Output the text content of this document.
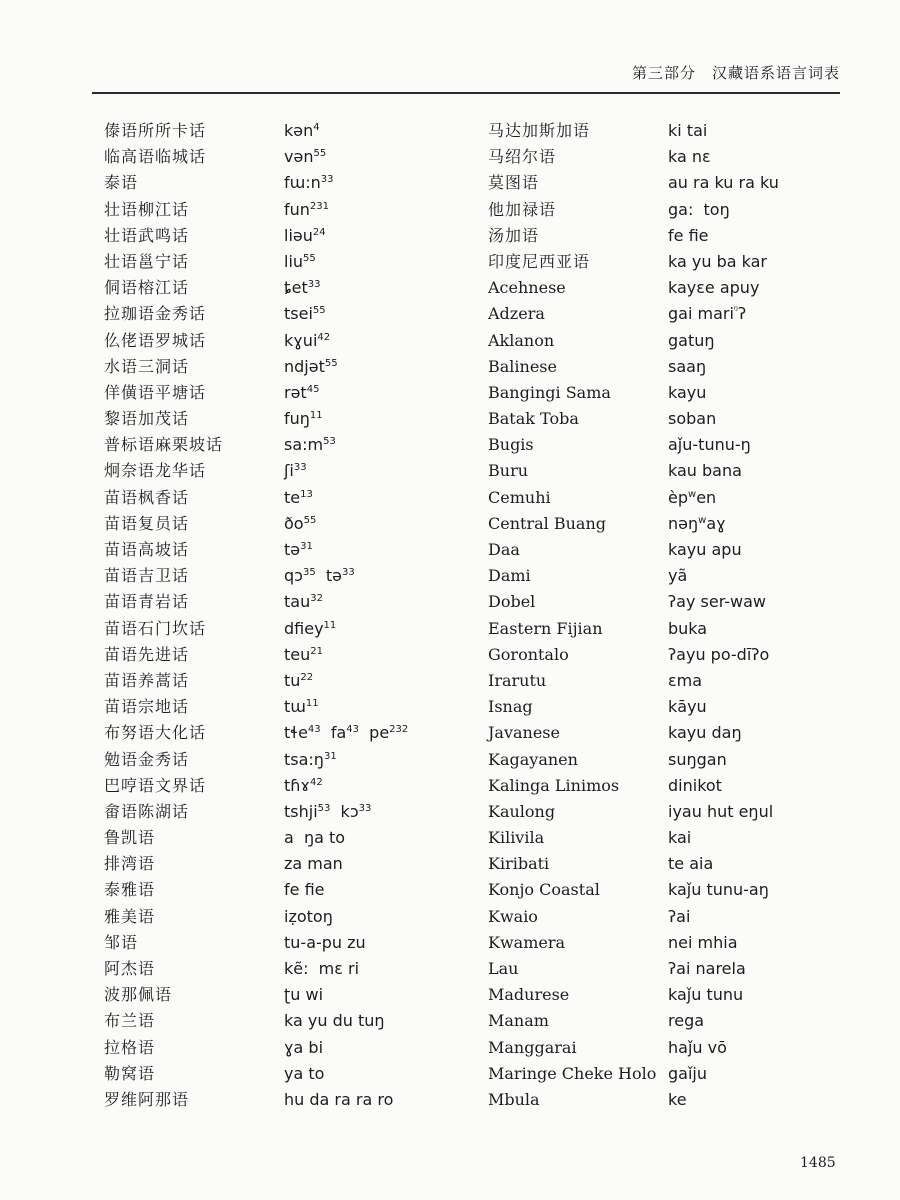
第三部分　汉藏语系语言词表
傣语所所卡话
临高语临城话
泰语
壮语柳江话
壮语武鸣话
壮语邕宁话
侗语榕江话
拉珈语金秀话
仫佬语罗城话
水语三洞话
佯僙语平塘话
黎语加茂话
普标语麻栗坡话
炯奈语龙华话
苗语枫香话
苗语复员话
苗语高坡话
苗语吉卫话
苗语青岩话
苗语石门坎话
苗语先进话
苗语养蒿话
苗语宗地话
布努语大化话
勉语金秀话
巴哼语文界话
畲语陈湖话
鲁凯语
排湾语
泰雅语
雅美语
邹语
阿杰语
波那佩语
布兰语
拉格语
勒窝语
罗维阿那语
kən$^4$
vən$^{55}$
$fɯ:n^{33}$
fun$^{231}$
liəu$^{24}$
liu$^{55}$
ȶet$^{33}$
tsei$^{55}$
kɣui$^{42}$
ndjət$^{55}$
rət$^{45}$
fuŋ$^{11}$
$sa:m^{53}$
ʃi$^{33}$
$te^{13}$
$ðo^{55}$
tə$^{31}$
qɔ$^{35}$  tə$^{33}$
tau$^{32}$
dfiey$^{11}$
teu$^{21}$
$tu^{22}$
tɯ$^{11}$
tɬe$^{43}$  $fa^{43}$  $pe^{232}$
$tsa:ŋ^{31}$
tɦɤ$^{42}$
tshji$^{53}$  kɔ$^{33}$
a  ŋa to
za man
fe fie
iẓotoŋ
tu-a-pu zu
kẽ:  mɛ ri
ʈu wi
ka yu du tuŋ
ɣa bi
ya to
hu da ra ra ro
马达加斯加语
马绍尔语
莫图语
他加禄语
汤加语
印度尼西亚语
Acehnese
Adzera
Aklanon
Balinese
Bangingi Sama
Batak Toba
Bugis
Buru
Cemuhi
Central Buang
Daa
Dami
Dobel
Eastern Fijian
Gorontalo
Irarutu
Isnag
Javanese
Kagayanen
Kalinga Linimos
Kaulong
Kilivila
Kiribati
Konjo Coastal
Kwaio
Kwamera
Lau
Madurese
Manam
Manggarai
Maringe Cheke Holo
Mbula
ki tai
ka nɛ
au ra ku ra ku
ga:  toŋ
fe fie
ka yu ba kar
kayɛe apuy
gai mari$^ᵑ$ʔ
gatuŋ
saaŋ
kayu
soban
aǰu-tunu-ŋ
kau bana
$èp^wen$
nəŋ$^w$aɣ
kayu apu
yã
ʔay ser-waw
buka
ʔayu po-dīʔo
ɛma
kāyu
kayu daŋ
suŋgan
dinikot
iyau hut eŋul
kai
te aia
kaǰu tunu-aŋ
ʔai
nei mhia
ʔai narela
kaǰu tunu
rega
haǰu vō
gaǐju
ke
1485
